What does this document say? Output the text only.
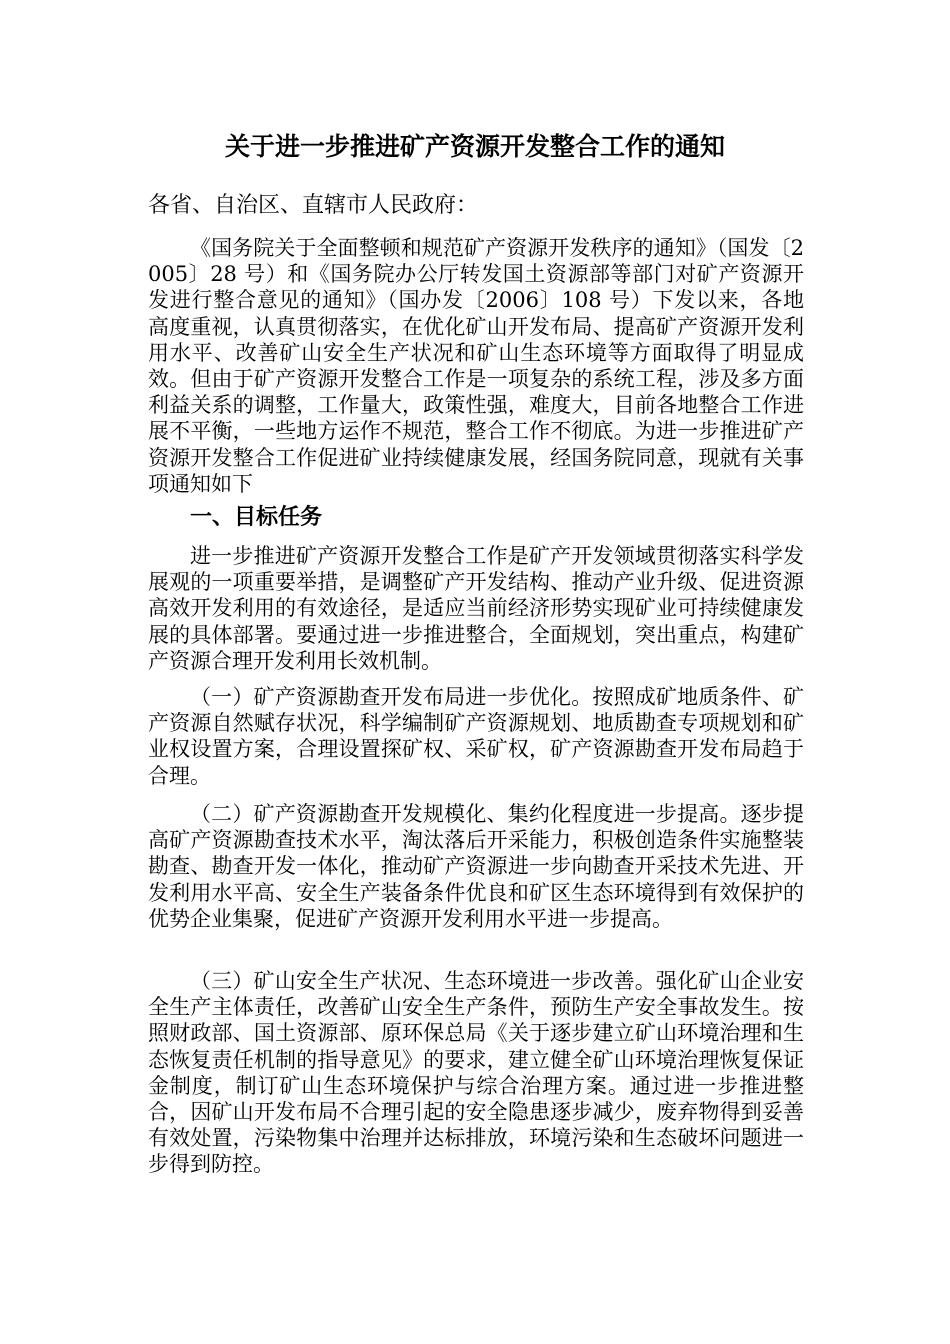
关于进一步推进矿产资源开发整合工作的通知

各省、自治区、直辖市人民政府：

《国务院关于全面整顿和规范矿产资源开发秩序的通知》（国发〔2005〕28 号）和《国务院办公厅转发国土资源部等部门对矿产资源开发进行整合意见的通知》（国办发〔2006〕108 号）下发以来，各地高度重视，认真贯彻落实，在优化矿山开发布局、提高矿产资源开发利用水平、改善矿山安全生产状况和矿山生态环境等方面取得了明显成效。但由于矿产资源开发整合工作是一项复杂的系统工程，涉及多方面利益关系的调整，工作量大，政策性强，难度大，目前各地整合工作进展不平衡，一些地方运作不规范，整合工作不彻底。为进一步推进矿产资源开发整合工作促进矿业持续健康发展，经国务院同意，现就有关事项通知如下

一、目标任务

进一步推进矿产资源开发整合工作是矿产开发领域贯彻落实科学发展观的一项重要举措，是调整矿产开发结构、推动产业升级、促进资源高效开发利用的有效途径，是适应当前经济形势实现矿业可持续健康发展的具体部署。要通过进一步推进整合，全面规划，突出重点，构建矿产资源合理开发利用长效机制。

（一）矿产资源勘查开发布局进一步优化。按照成矿地质条件、矿产资源自然赋存状况，科学编制矿产资源规划、地质勘查专项规划和矿业权设置方案，合理设置探矿权、采矿权，矿产资源勘查开发布局趋于合理。

（二）矿产资源勘查开发规模化、集约化程度进一步提高。逐步提高矿产资源勘查技术水平，淘汰落后开采能力，积极创造条件实施整装勘查、勘查开发一体化，推动矿产资源进一步向勘查开采技术先进、开发利用水平高、安全生产装备条件优良和矿区生态环境得到有效保护的优势企业集聚，促进矿产资源开发利用水平进一步提高。

（三）矿山安全生产状况、生态环境进一步改善。强化矿山企业安全生产主体责任，改善矿山安全生产条件，预防生产安全事故发生。按照财政部、国土资源部、原环保总局《关于逐步建立矿山环境治理和生态恢复责任机制的指导意见》的要求，建立健全矿山环境治理恢复保证金制度，制订矿山生态环境保护与综合治理方案。通过进一步推进整合，因矿山开发布局不合理引起的安全隐患逐步减少，废弃物得到妥善有效处置，污染物集中治理并达标排放，环境污染和生态破坏问题进一步得到防控。
